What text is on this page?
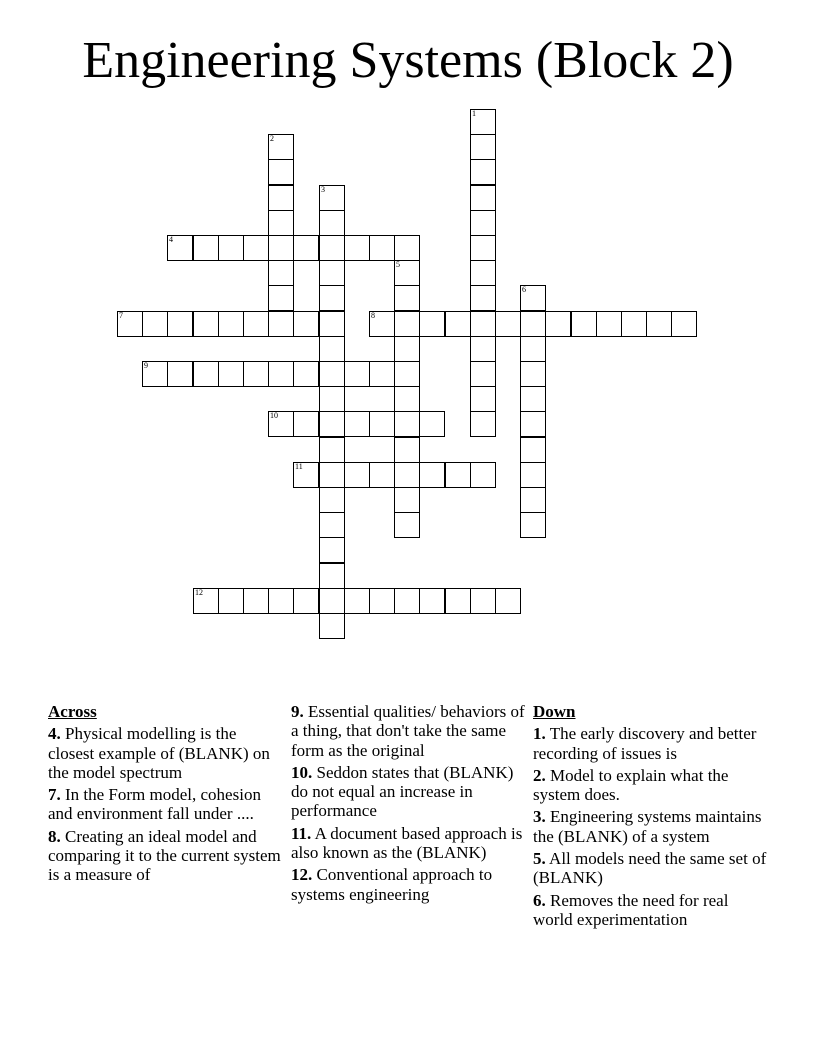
Engineering Systems (Block 2)
1
2
3
4
5
6
7	8
9
10
11
12
Across
4. Physical modelling is the closest example of (BLANK) on the model spectrum
7. In the Form model, cohesion and environment fall under ....
8. Creating an ideal model and comparing it to the current system is a measure of
9. Essential qualities/ behaviors of a thing, that don't take the same form as the original
10. Seddon states that (BLANK) do not equal an increase in performance
11. A document based approach is also known as the (BLANK)
12. Conventional approach to systems engineering
Down
1. The early discovery and better recording of issues is
2. Model to explain what the system does.
3. Engineering systems maintains the (BLANK) of a system
5. All models need the same set of (BLANK)
6. Removes the need for real world experimentation
